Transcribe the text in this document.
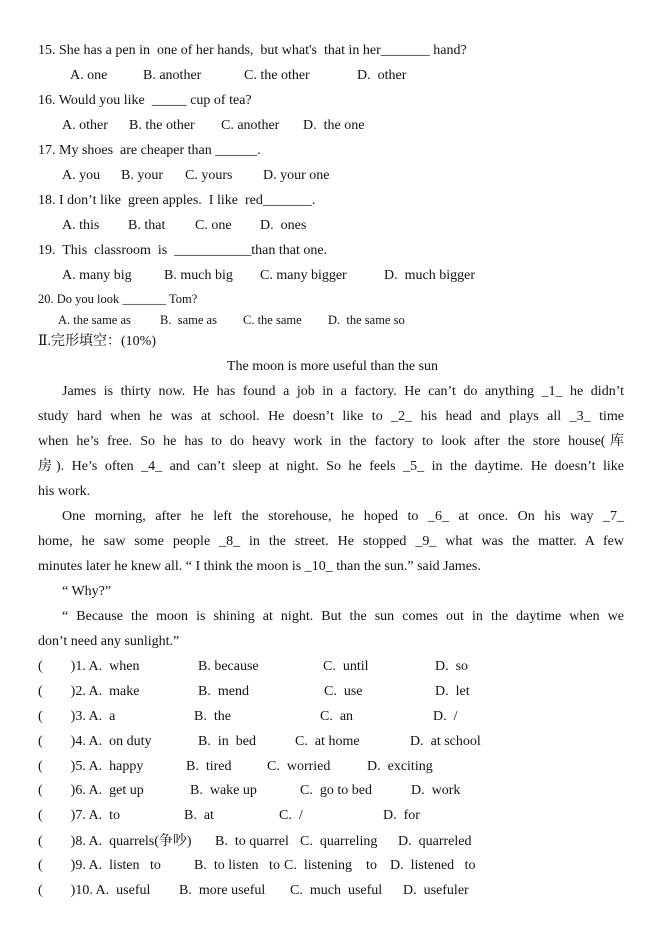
15. She has a pen in  one of her hands,  but what's  that in her_______ hand?
A. one	B. another	C. the other	D.  other
16. Would you like  _____ cup of tea?
A. other B. the other C. another D.  the one
17. My shoes  are cheaper than ______.
A. you B. your C. yours D. your one
18. I don’t like  green apples.  I like  red_______.
A. this B. that C. one D.  ones
19.  This  classroom  is  ___________than that one.
A. many big B. much big C. many bigger	D.  much bigger
20. Do you look _______ Tom?
A. the same as B.  same as C. the same D.  the same so
Ⅱ.完形填空：(10%)
The moon is more useful than the sun
James is thirty now. He has found a job in a factory. He can’t do anything _1_ he didn’t
study hard when he was at school. He doesn’t like to _2_ his head and plays all _3_ time
when he’s free. So he has to do heavy work in the factory to look after the store house(库
房). He’s often _4_ and can’t sleep at night. So he feels _5_ in the daytime. He doesn’t like
his work.
One morning, after he left the storehouse, he hoped to _6_ at once. On his way _7_
home, he saw some people _8_ in the street. He stopped _9_ what was the matter. A few
minutes later he knew all. “ I think the moon is _10_ than the sun.” said James.
“ Why?”
“ Because the moon is shining at night. But the sun comes out in the daytime when we
don’t need any sunlight.”
(        )1. A.  when	B. because	C.  until	D.  so
(        )2. A.  make	B.  mend	C.  use	D.  let
(        )3. A.  a	B.  the	C.  an	D.  /
(        )4. A.  on duty	B.  in  bed	C.  at home	D.  at school
(        )5. A.  happy	B.  tired	C.  worried	D.  exciting
(        )6. A.  get up	B.  wake up	C.  go to bed	D.  work
(        )7. A.  to	B.  at	C.  /	D.  for
(        )8. A.  quarrels(争吵) B.  to quarrel C.  quarreling D.  quarreled
(        )9. A.  listen   to B.  to listen   to C.  listening    to D.  listened   to
(        )10. A.  useful B.  more useful C.  much  useful D.  usefuler
